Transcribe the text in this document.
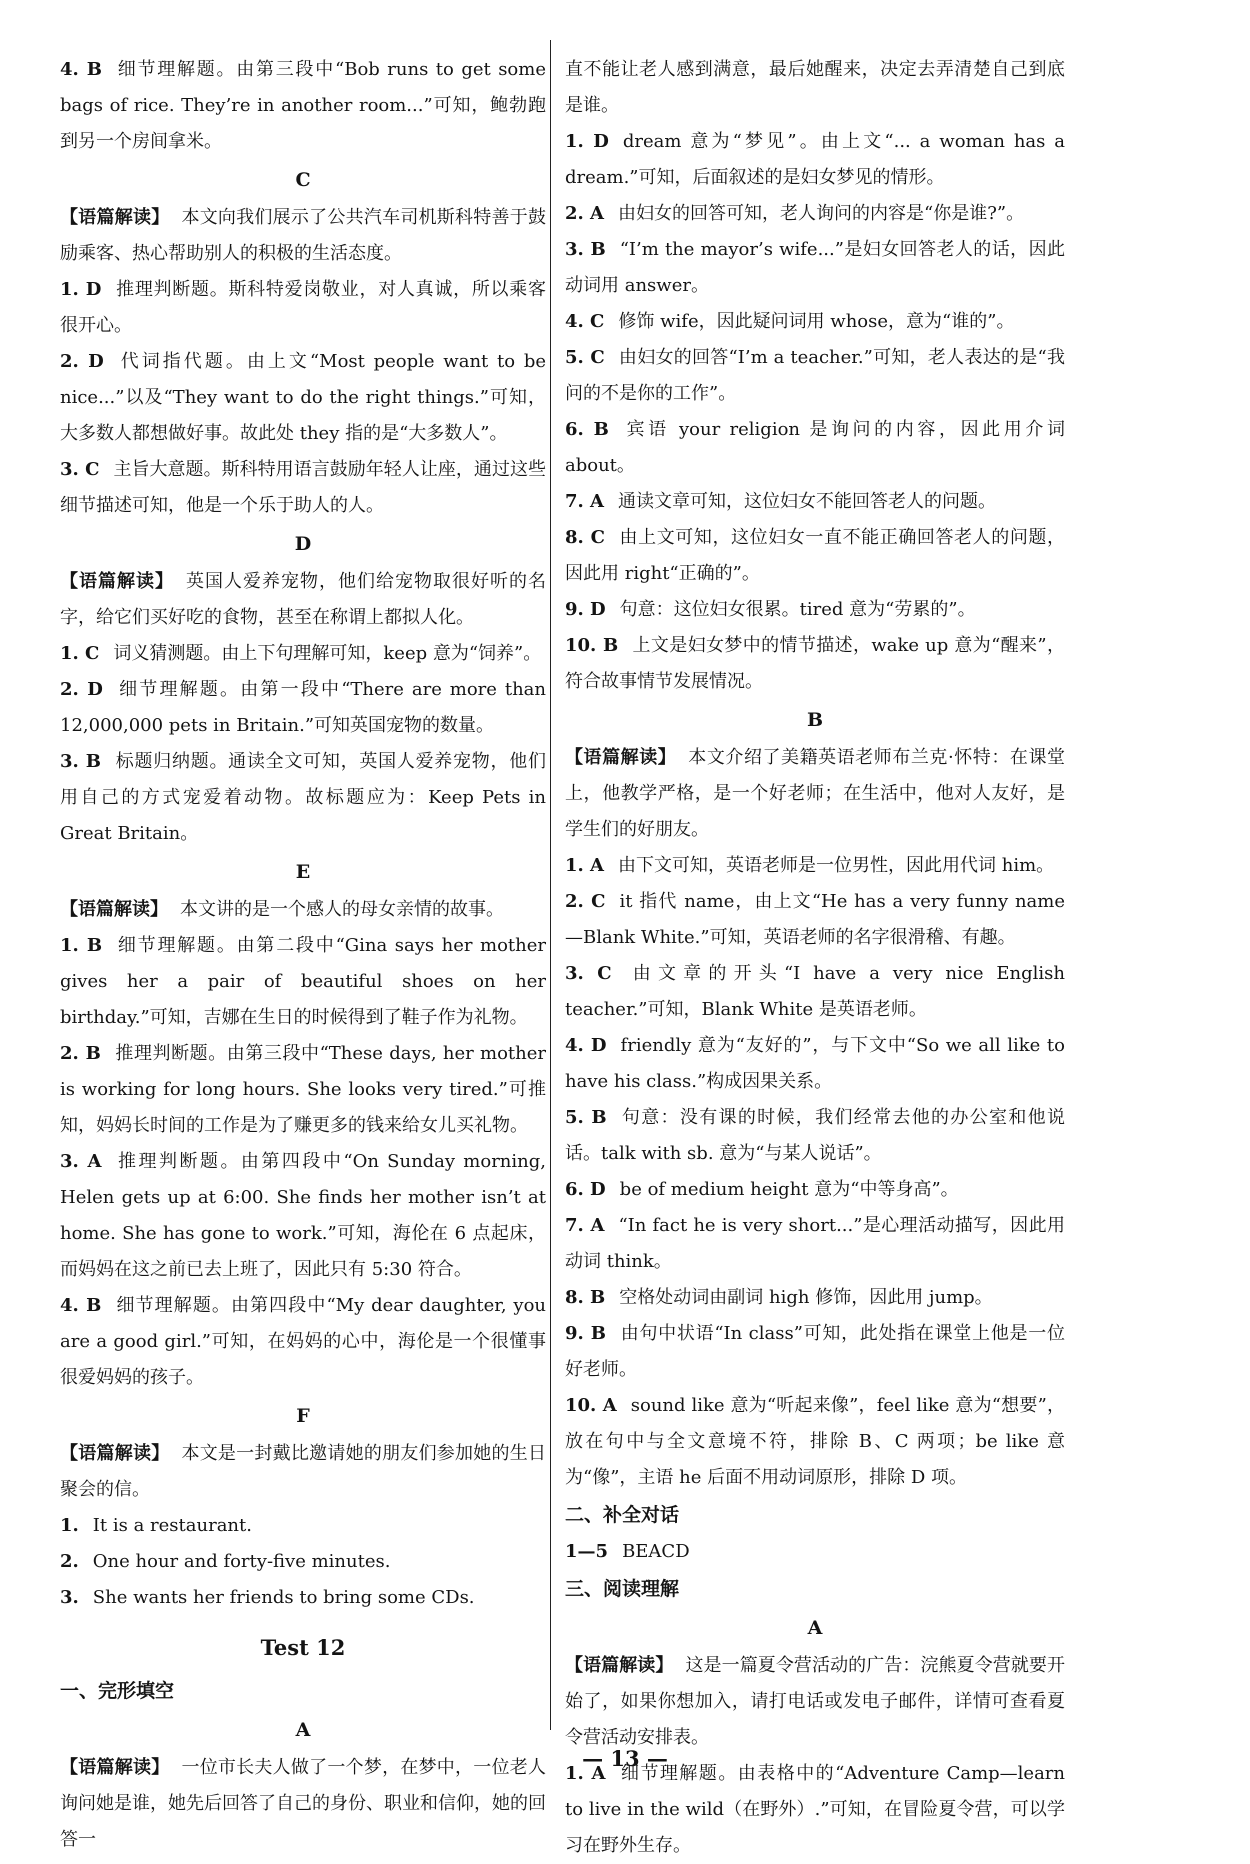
4. B 细节理解题。由第三段中“Bob runs to get some bags of rice. They’re in another room...”可知，鲍勃跑到另一个房间拿米。

C

【语篇解读】 本文向我们展示了公共汽车司机斯科特善于鼓励乘客、热心帮助别人的积极的生活态度。

1. D 推理判断题。斯科特爱岗敬业，对人真诚，所以乘客很开心。

2. D 代词指代题。由上文“Most people want to be nice...”以及“They want to do the right things.”可知，大多数人都想做好事。故此处 they 指的是“大多数人”。

3. C 主旨大意题。斯科特用语言鼓励年轻人让座，通过这些细节描述可知，他是一个乐于助人的人。

D

【语篇解读】 英国人爱养宠物，他们给宠物取很好听的名字，给它们买好吃的食物，甚至在称谓上都拟人化。

1. C 词义猜测题。由上下句理解可知，keep 意为“饲养”。

2. D 细节理解题。由第一段中“There are more than 12,000,000 pets in Britain.”可知英国宠物的数量。

3. B 标题归纳题。通读全文可知，英国人爱养宠物，他们用自己的方式宠爱着动物。故标题应为：Keep Pets in Great Britain。

E

【语篇解读】 本文讲的是一个感人的母女亲情的故事。

1. B 细节理解题。由第二段中“Gina says her mother gives her a pair of beautiful shoes on her birthday.”可知，吉娜在生日的时候得到了鞋子作为礼物。

2. B 推理判断题。由第三段中“These days, her mother is working for long hours. She looks very tired.”可推知，妈妈长时间的工作是为了赚更多的钱来给女儿买礼物。

3. A 推理判断题。由第四段中“On Sunday morning, Helen gets up at 6:00. She finds her mother isn’t at home. She has gone to work.”可知，海伦在 6 点起床，而妈妈在这之前已去上班了，因此只有 5:30 符合。

4. B 细节理解题。由第四段中“My dear daughter, you are a good girl.”可知，在妈妈的心中，海伦是一个很懂事很爱妈妈的孩子。

F

【语篇解读】 本文是一封戴比邀请她的朋友们参加她的生日聚会的信。

1. It is a restaurant.

2. One hour and forty-five minutes.

3. She wants her friends to bring some CDs.

Test 12
一、完形填空
A

【语篇解读】 一位市长夫人做了一个梦，在梦中，一位老人询问她是谁，她先后回答了自己的身份、职业和信仰，她的回答一

直不能让老人感到满意，最后她醒来，决定去弄清楚自己到底是谁。

1. D dream 意为“梦见”。由上文“... a woman has a dream.”可知，后面叙述的是妇女梦见的情形。

2. A 由妇女的回答可知，老人询问的内容是“你是谁?”。

3. B “I’m the mayor’s wife...”是妇女回答老人的话，因此动词用 answer。

4. C 修饰 wife，因此疑问词用 whose，意为“谁的”。

5. C 由妇女的回答“I’m a teacher.”可知，老人表达的是“我问的不是你的工作”。

6. B 宾语 your religion 是询问的内容，因此用介词 about。

7. A 通读文章可知，这位妇女不能回答老人的问题。

8. C 由上文可知，这位妇女一直不能正确回答老人的问题，因此用 right“正确的”。

9. D 句意：这位妇女很累。tired 意为“劳累的”。

10. B 上文是妇女梦中的情节描述，wake up 意为“醒来”，符合故事情节发展情况。

B

【语篇解读】 本文介绍了美籍英语老师布兰克·怀特：在课堂上，他教学严格，是一个好老师；在生活中，他对人友好，是学生们的好朋友。

1. A 由下文可知，英语老师是一位男性，因此用代词 him。

2. C it 指代 name，由上文“He has a very funny name—Blank White.”可知，英语老师的名字很滑稽、有趣。

3. C 由文章的开头“I have a very nice English teacher.”可知，Blank White 是英语老师。

4. D friendly 意为“友好的”，与下文中“So we all like to have his class.”构成因果关系。

5. B 句意：没有课的时候，我们经常去他的办公室和他说话。talk with sb. 意为“与某人说话”。

6. D be of medium height 意为“中等身高”。

7. A “In fact he is very short...”是心理活动描写，因此用动词 think。

8. B 空格处动词由副词 high 修饰，因此用 jump。

9. B 由句中状语“In class”可知，此处指在课堂上他是一位好老师。

10. A sound like 意为“听起来像”，feel like 意为“想要”，放在句中与全文意境不符，排除 B、C 两项；be like 意为“像”，主语 he 后面不用动词原形，排除 D 项。

二、补全对话

1—5 BEACD

三、阅读理解
A

【语篇解读】 这是一篇夏令营活动的广告：浣熊夏令营就要开始了，如果你想加入，请打电话或发电子邮件，详情可查看夏令营活动安排表。

1. A 细节理解题。由表格中的“Adventure Camp—learn to live in the wild（在野外）.”可知，在冒险夏令营，可以学习在野外生存。

— 13 —
